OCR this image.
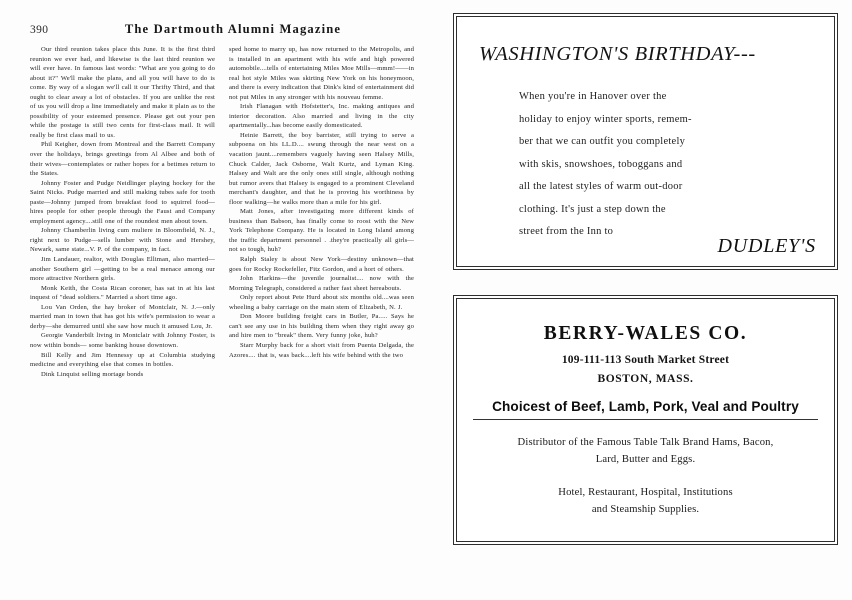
390	The Dartmouth Alumni Magazine

Our third reunion takes place this June. It is the first third reunion we ever had, and likewise is the last third reunion we will ever have. In famous last words: "What are you going to do about it?" We'll make the plans, and all you will have to do is come. By way of a slogan we'll call it our Thrifty Third, and that ought to clear away a lot of obstacles. If you are unlike the rest of us you will drop a line immediately and make it plain as to the possibility of your esteemed presence. Please get out your pen while the postage is still two cents for first-class mail. It will really be first class mail to us.

Phil Keigher, down from Montreal and the Barrett Company over the holidays, brings greetings from Al Albee and both of their wives—contemplates or rather hopes for a betimes return to the States.

Johnny Foster and Pudge Neidlinger playing hockey for the Saint Nicks. Pudge married and still making tubes safe for tooth paste—Johnny jumped from breakfast food to squirrel food—hires people for other people through the Faust and Company employment agency....still one of the roundest men about town.

Johnny Chamberlin living cum muliere in Bloomfield, N. J., right next to Pudge—sells lumber with Stone and Hershey, Newark, same state...V. P. of the company, in fact.

Jim Landauer, realtor, with Douglas Elliman, also married—another Southern girl —getting to be a real menace among our more attractive Northern girls.

Monk Keith, the Costa Rican coroner, has sat in at his last inquest of "dead soldiers." Married a short time ago.

Lou Van Orden, the hay broker of Montclair, N. J.—only married man in town that has got his wife's permission to wear a derby—she demurred until she saw how much it amused Lou, Jr.

Georgie Vanderbilt living in Montclair with Johnny Foster, is now within bonds— some banking house downtown.

Bill Kelly and Jim Hennessy up at Columbia studying medicine and everything else that comes in bottles.

Dink Linquist selling mortage bonds

sped home to marry up, has now returned to the Metropolis, and is installed in an apartment with his wife and high powered automobile....tells of entertaining Miles Moe Mills—mmm!——in real hot style Miles was skirting New York on his honeymoon, and there is every indication that Dink's kind of entertainment did not put Miles in any stronger with his nouveau femme.

Irish Flanagan with Hofstetter's, Inc. making antiques and interior decoration. Also married and living in the city apartmentally...has become easily domesticated.

Heinie Barrett, the boy barrister, still trying to serve a subpoena on his LL.D.... swung through the near west on a vacation jaunt....remembers vaguely having seen Halsey Mills, Chuck Calder, Jack Osborne, Walt Kurtz, and Lyman King. Halsey and Walt are the only ones still single, although nothing but rumor avers that Halsey is engaged to a prominent Cleveland merchant's daughter, and that he is proving his worthiness by floor walking—he walks more than a mile for his girl.

Matt Jones, after investigating more different kinds of business than Babson, has finally come to roost with the New York Telephone Company. He is located in Long Island among the traffic department personnel . .they're practically all girls—not so tough, huh?

Ralph Staley is about New York—destiny unknown—that goes for Rocky Rockefeller, Fitz Gordon, and a hort of others.

John Harkins—the juvenile journalist.... now with the Morning Telegraph, considered a rather fast sheet hereabouts.

Only report about Pete Hurd about six months old....was seen wheeling a baby carriage on the main stem of Elizabeth, N. J.

Don Moore building freight cars in Butler, Pa..... Says he can't see any use in his building them when they right away go and hire men to "break" them. Very funny joke, huh?

Starr Murphy back for a short visit from Puenta Delgada, the Azores.... that is, was back....left his wife behind with the two

WASHINGTON'S BIRTHDAY---
When you're in Hanover over the
holiday to enjoy winter sports, remem-
ber that we can outfit you completely
with skis, snowshoes, toboggans and
all the latest styles of warm out-door
clothing. It's just a step down the
street from the Inn to
DUDLEY'S
BERRY-WALES CO.
109-111-113 South Market Street
BOSTON, MASS.
Choicest of Beef, Lamb, Pork, Veal and Poultry
Distributor of the Famous Table Talk Brand Hams, Bacon,
Lard, Butter and Eggs.
Hotel, Restaurant, Hospital, Institutions
and Steamship Supplies.
